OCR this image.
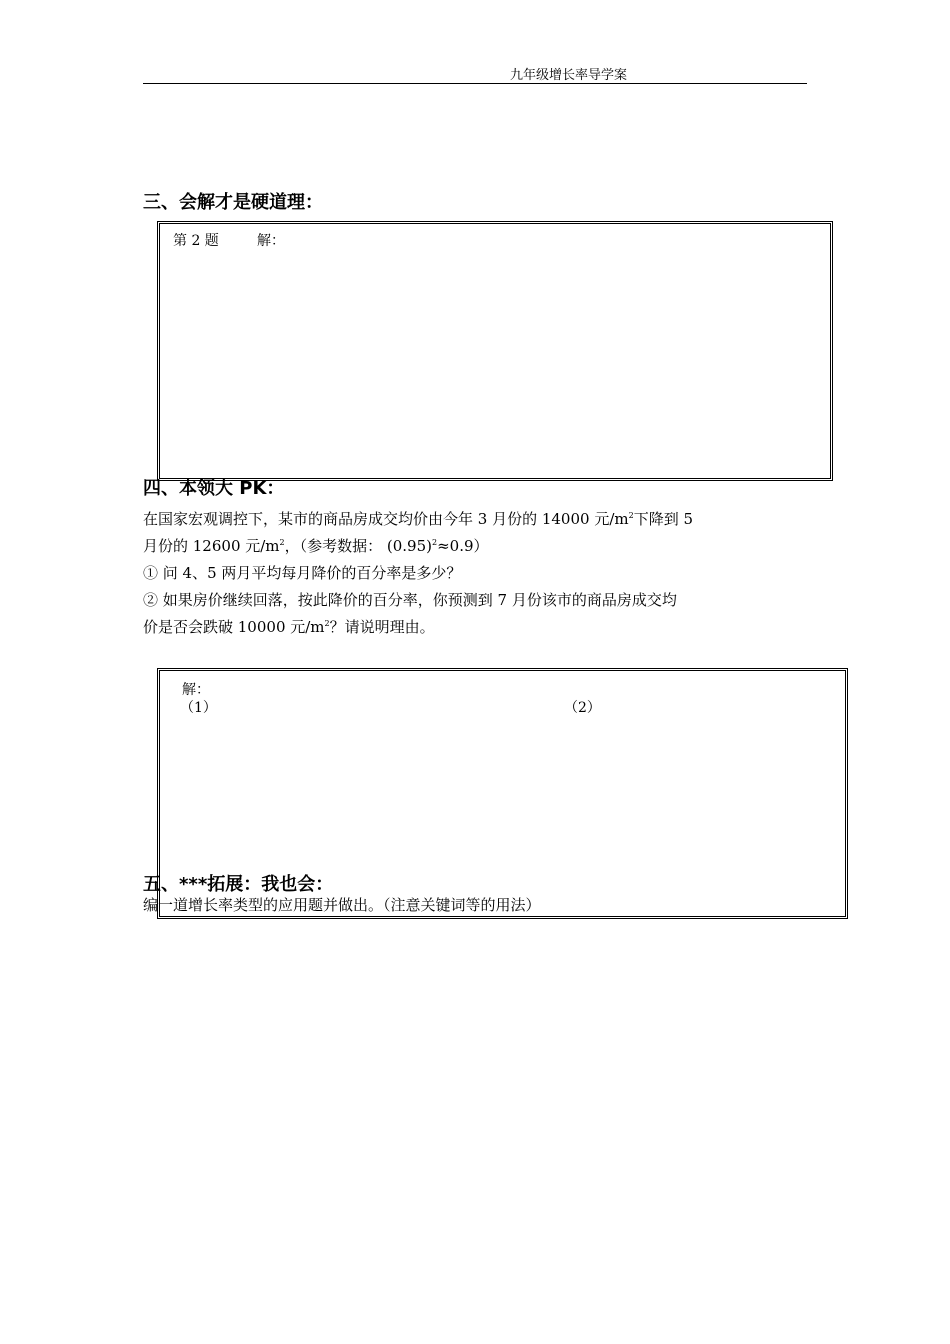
九年级增长率导学案
三、会解才是硬道理：
第 2 题	解：
四、本领大 PK：
在国家宏观调控下，某市的商品房成交均价由今年 3 月份的 14000 元$/m^2$下降到 5
月份的 12600 元$/m^2$，（参考数据： $(0.95)^2\approx 0.9$）
① 问 4、5 两月平均每月降价的百分率是多少？
② 如果房价继续回落，按此降价的百分率，你预测到 7 月份该市的商品房成交均
价是否会跌破 10000 元$/m^2$？请说明理由。
解：
（1）	（2）
五、***拓展：我也会：
编一道增长率类型的应用题并做出。（注意关键词等的用法）
